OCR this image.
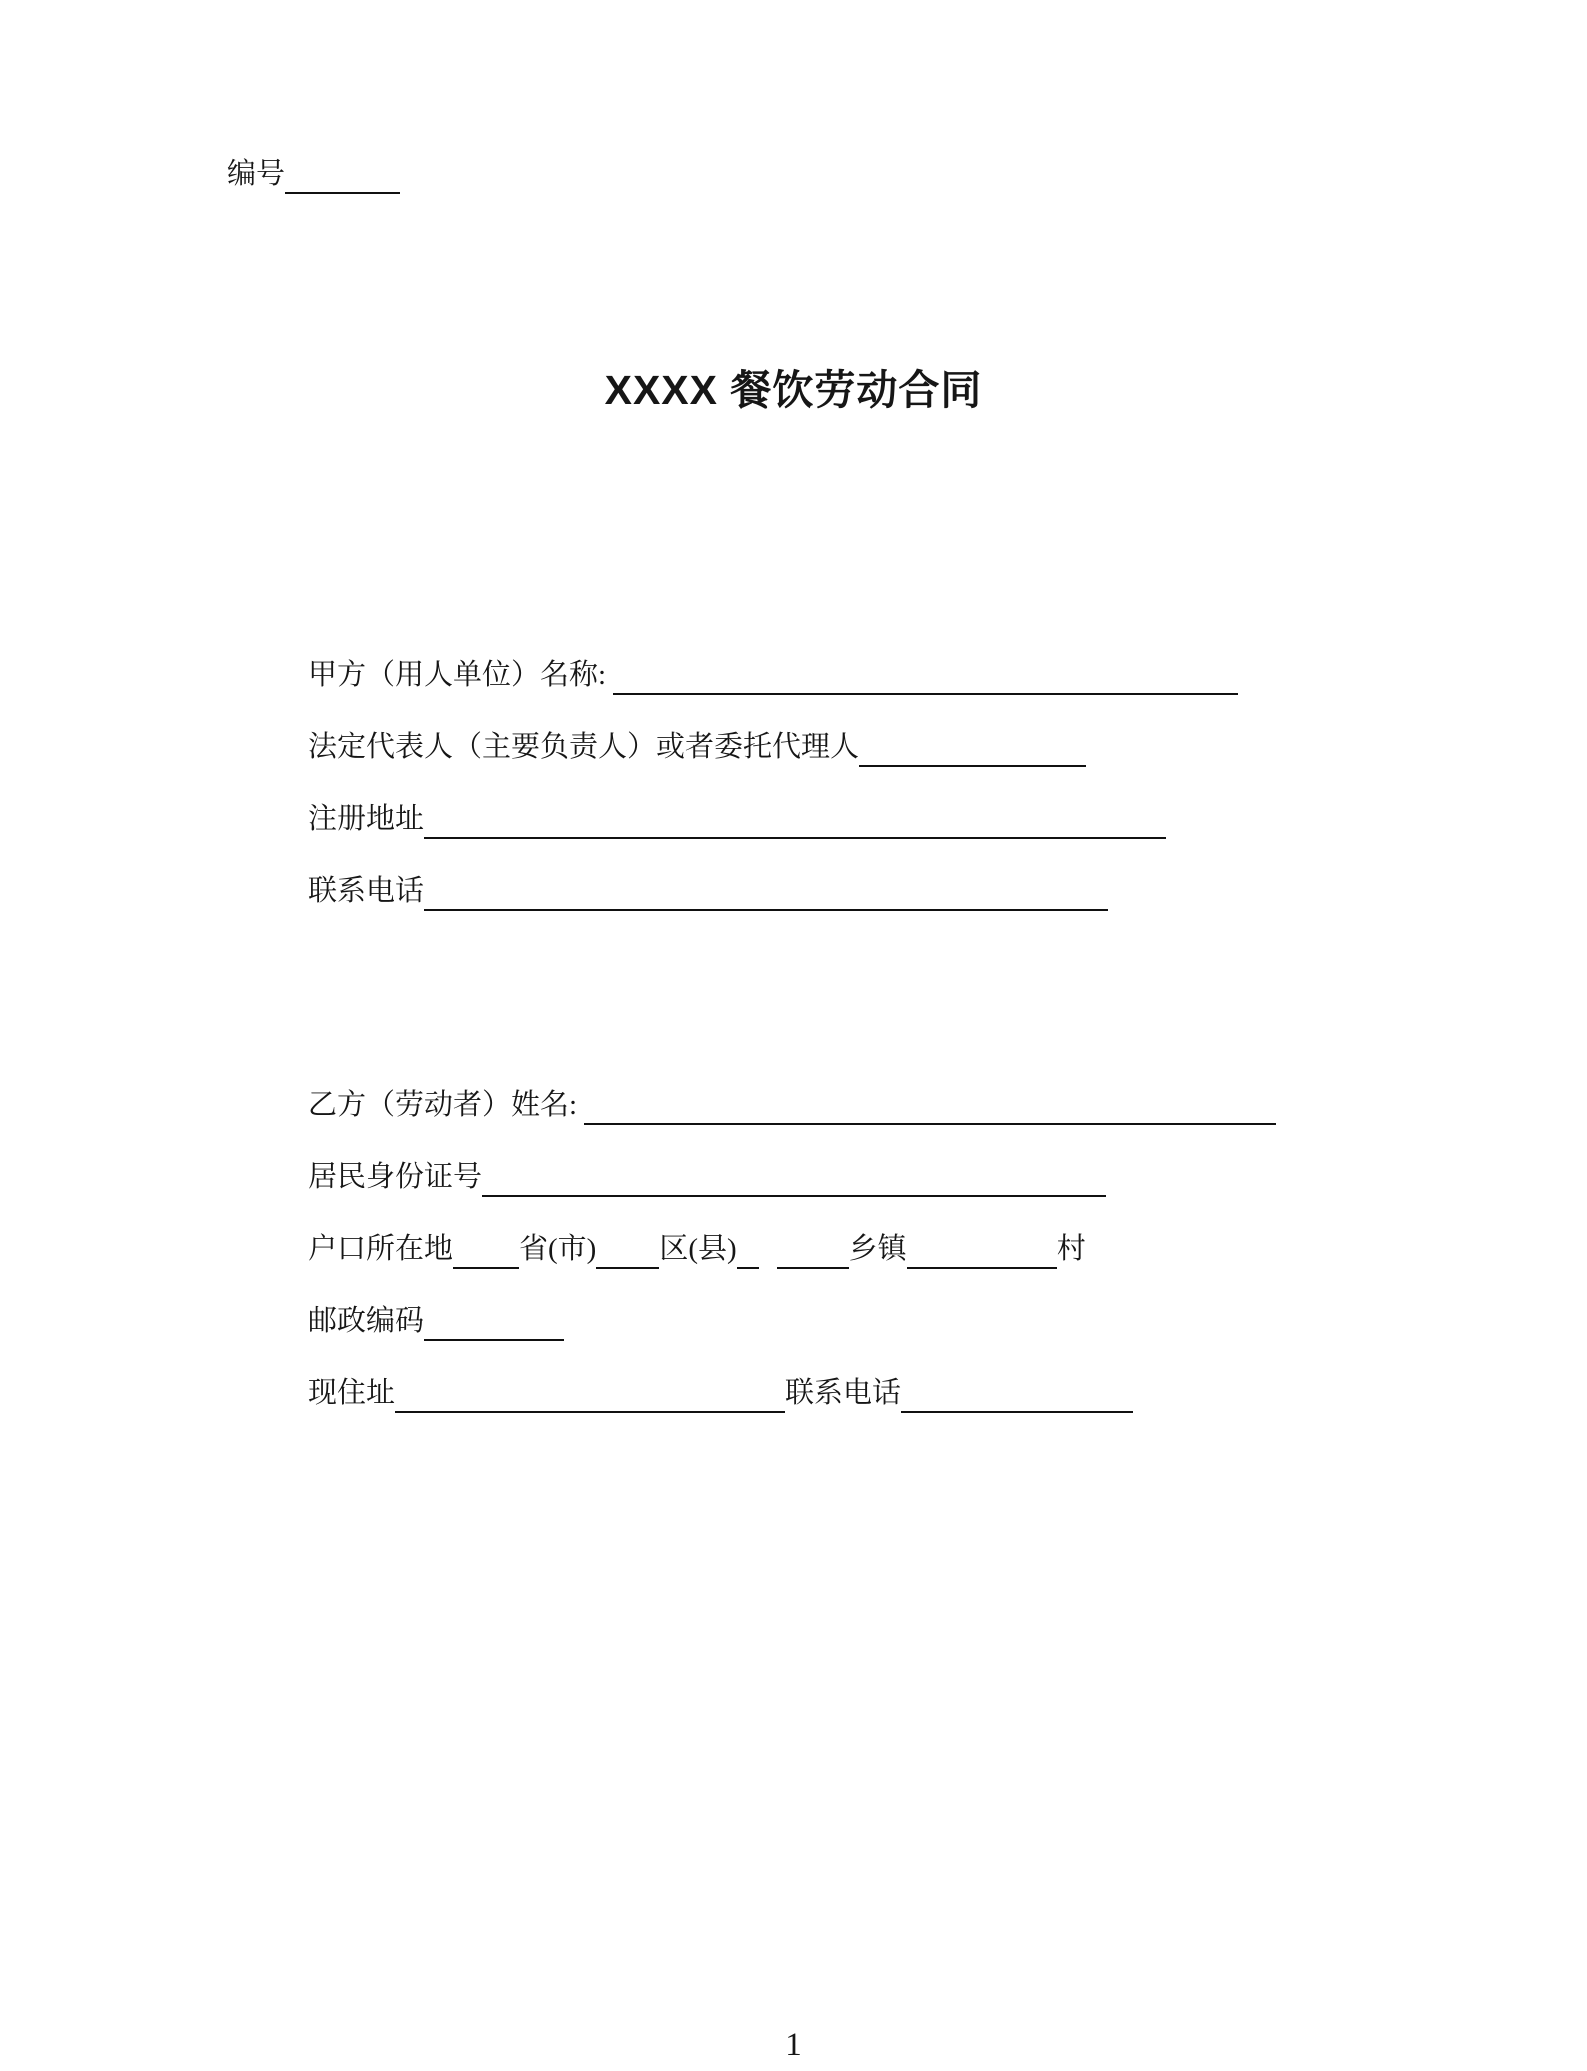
编号
XXXX 餐饮劳动合同
甲方（用人单位）名称:
法定代表人（主要负责人）或者委托代理人
注册地址
联系电话
乙方（劳动者）姓名:
居民身份证号
户口所在地 省(市) 区(县)	乡镇	村
邮政编码
现住址	联系电话
1
